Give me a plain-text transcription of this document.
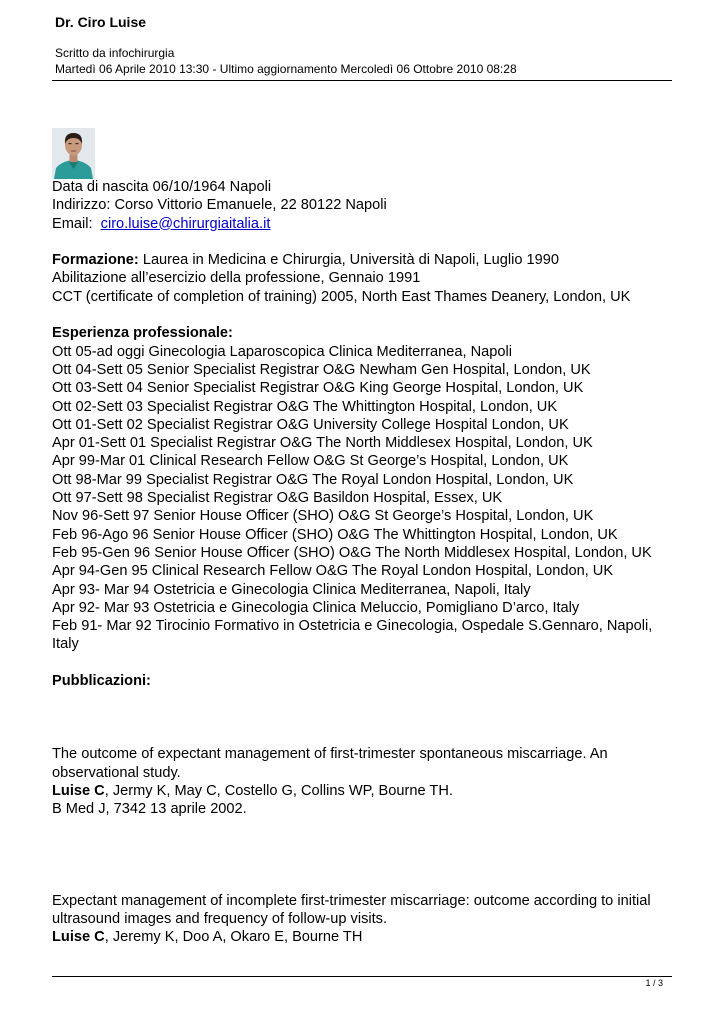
Dr. Ciro Luise
Scritto da infochirurgia
Martedì 06 Aprile 2010 13:30 - Ultimo aggiornamento Mercoledì 06 Ottobre 2010 08:28

Data di nascita 06/10/1964 Napoli

Indirizzo: Corso Vittorio Emanuele, 22 80122 Napoli

Email: ciro.luise@chirurgiaitalia.it

Formazione: Laurea in Medicina e Chirurgia, Università di Napoli, Luglio 1990

Abilitazione all’esercizio della professione, Gennaio 1991

CCT (certificate of completion of training) 2005, North East Thames Deanery, London, UK

Esperienza professionale:

Ott 05-ad oggi Ginecologia Laparoscopica Clinica Mediterranea, Napoli

Ott 04-Sett 05 Senior Specialist Registrar O&G Newham Gen Hospital, London, UK

Ott 03-Sett 04 Senior Specialist Registrar O&G King George Hospital, London, UK

Ott 02-Sett 03 Specialist Registrar O&G The Whittington Hospital, London, UK

Ott 01-Sett 02 Specialist Registrar O&G University College Hospital London, UK

Apr 01-Sett 01 Specialist Registrar O&G The North Middlesex Hospital, London, UK

Apr 99-Mar 01 Clinical Research Fellow O&G St George’s Hospital, London, UK

Ott 98-Mar 99 Specialist Registrar O&G The Royal London Hospital, London, UK

Ott 97-Sett 98 Specialist Registrar O&G Basildon Hospital, Essex, UK

Nov 96-Sett 97 Senior House Officer (SHO) O&G St George’s Hospital, London, UK

Feb 96-Ago 96 Senior House Officer (SHO) O&G The Whittington Hospital, London, UK

Feb 95-Gen 96 Senior House Officer (SHO) O&G The North Middlesex Hospital, London, UK

Apr 94-Gen 95 Clinical Research Fellow O&G The Royal London Hospital, London, UK

Apr 93- Mar 94 Ostetricia e Ginecologia Clinica Mediterranea, Napoli, Italy

Apr 92- Mar 93 Ostetricia e Ginecologia Clinica Meluccio, Pomigliano D’arco, Italy

Feb 91- Mar 92 Tirocinio Formativo in Ostetricia e Ginecologia, Ospedale S.Gennaro, Napoli,

Italy

Pubblicazioni:

The outcome of expectant management of first-trimester spontaneous miscarriage. An

observational study.

Luise C, Jermy K, May C, Costello G, Collins WP, Bourne TH.

B Med J, 7342 13 aprile 2002.

Expectant management of incomplete first-trimester miscarriage: outcome according to initial

ultrasound images and frequency of follow-up visits.

Luise C, Jeremy K, Doo A, Okaro E, Bourne TH

1 / 3
